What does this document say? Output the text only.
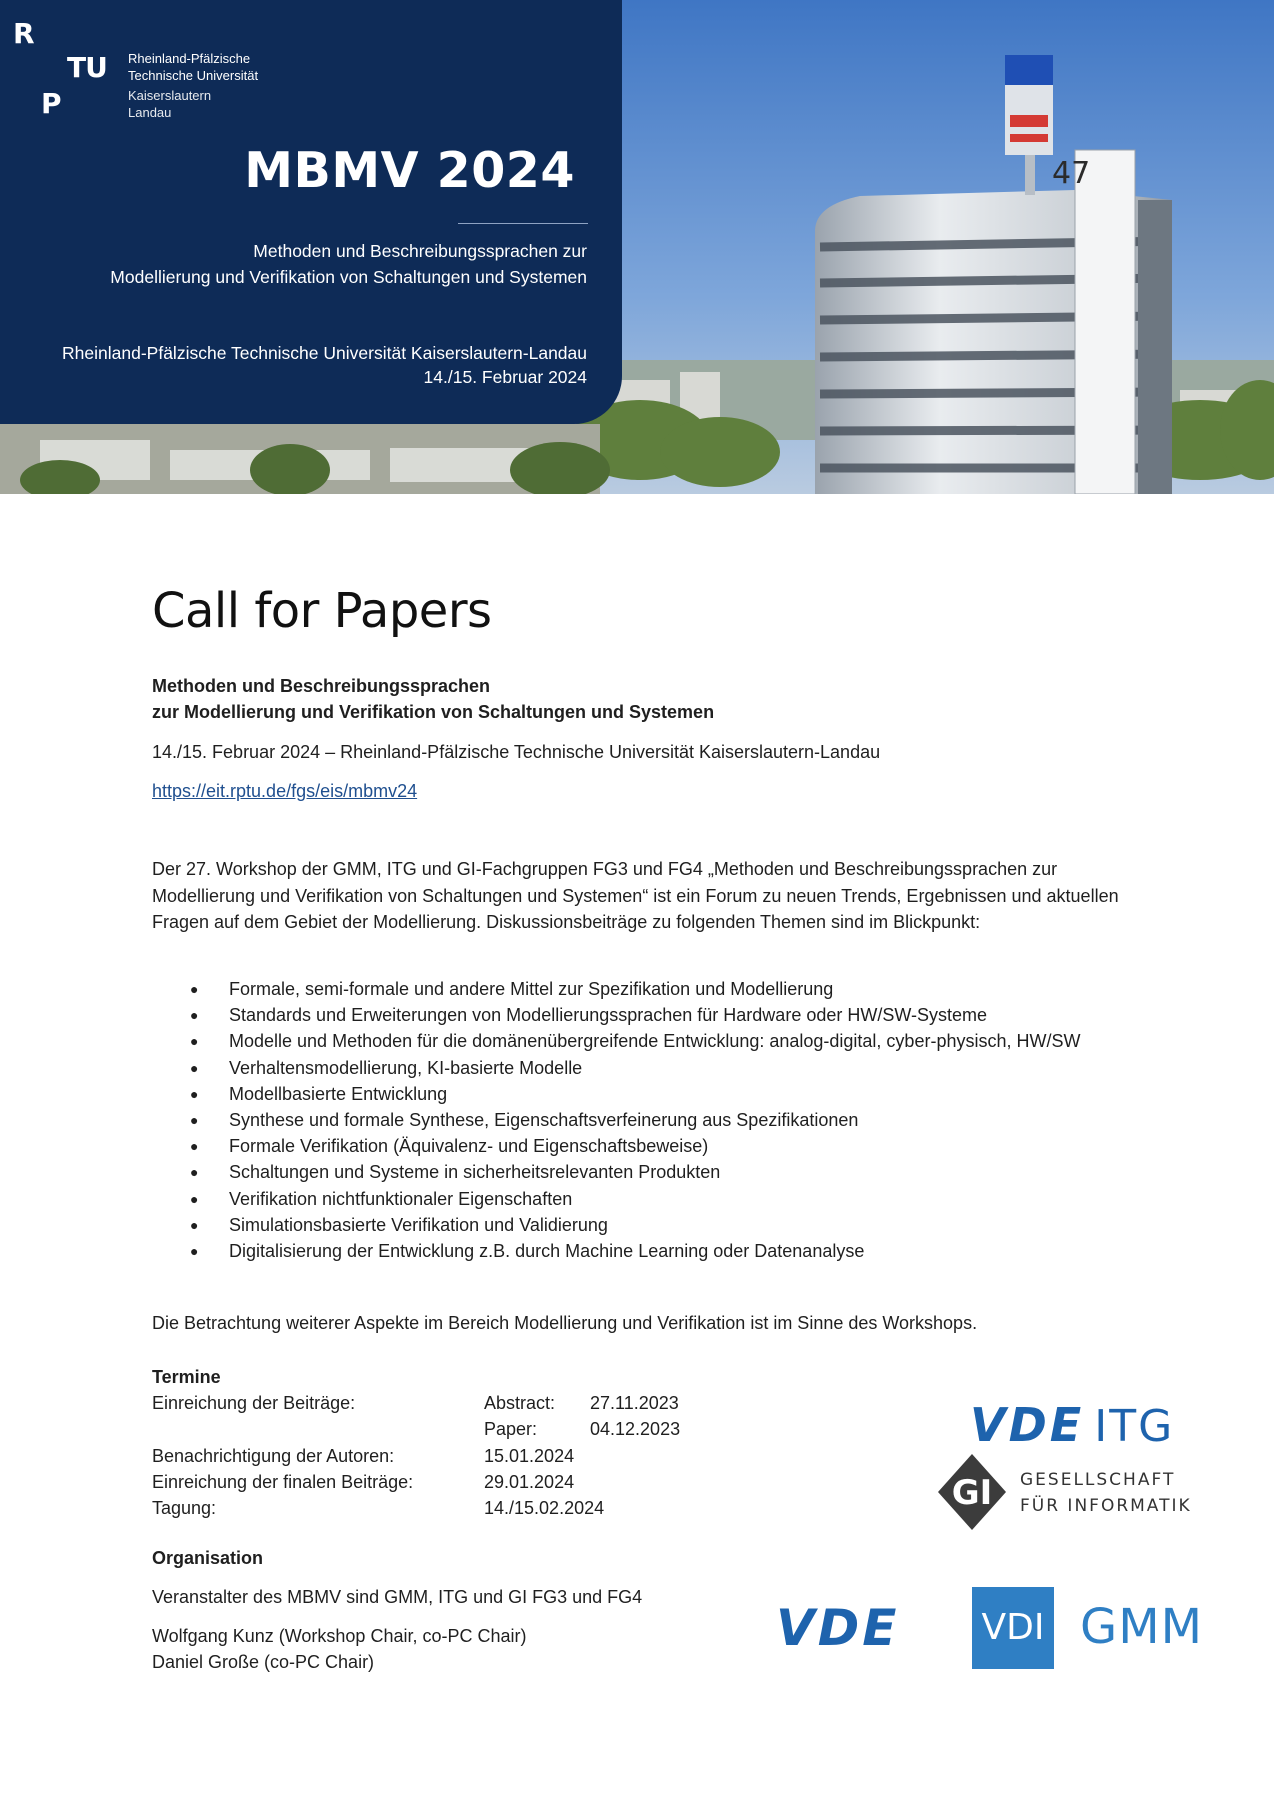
47
R
TU
P
Rheinland-Pfälzische
Technische Universität
Kaiserslautern
Landau
MBMV 2024
Methoden und Beschreibungssprachen zur
Modellierung und Verifikation von Schaltungen und Systemen
Rheinland-Pfälzische Technische Universität Kaiserslautern-Landau
14./15. Februar 2024
Call for Papers
Methoden und Beschreibungssprachen
zur Modellierung und Verifikation von Schaltungen und Systemen
14./15. Februar 2024 – Rheinland-Pfälzische Technische Universität Kaiserslautern-Landau
https://eit.rptu.de/fgs/eis/mbmv24

Der 27. Workshop der GMM, ITG und GI-Fachgruppen FG3 und FG4 „Methoden und Beschreibungssprachen zur Modellierung und Verifikation von Schaltungen und Systemen“ ist ein Forum zu neuen Trends, Ergebnissen und aktuellen Fragen auf dem Gebiet der Modellierung. Diskussionsbeiträge zu folgenden Themen sind im Blickpunkt:

● Formale, semi-formale und andere Mittel zur Spezifikation und Modellierung
● Standards und Erweiterungen von Modellierungssprachen für Hardware oder HW/SW-Systeme
● Modelle und Methoden für die domänenübergreifende Entwicklung: analog-digital, cyber-physisch, HW/SW
● Verhaltensmodellierung, KI-basierte Modelle
● Modellbasierte Entwicklung
● Synthese und formale Synthese, Eigenschaftsverfeinerung aus Spezifikationen
● Formale Verifikation (Äquivalenz- und Eigenschaftsbeweise)
● Schaltungen und Systeme in sicherheitsrelevanten Produkten
● Verifikation nichtfunktionaler Eigenschaften
● Simulationsbasierte Verifikation und Validierung
● Digitalisierung der Entwicklung z.B. durch Machine Learning oder Datenanalyse
Die Betrachtung weiterer Aspekte im Bereich Modellierung und Verifikation ist im Sinne des Workshops.
Termine
Einreichung der Beiträge:	Abstract: 27.11.2023
Paper:	04.12.2023
Benachrichtigung der Autoren:	15.01.2024
Einreichung der finalen Beiträge:	29.01.2024
Tagung:	14./15.02.2024
Organisation
Veranstalter des MBMV sind GMM, ITG und GI FG3 und FG4
Wolfgang Kunz (Workshop Chair, co-PC Chair)
Daniel Große (co-PC Chair)
VDE ITG
GI GESELLSCHAFT
FÜR INFORMATIK
VDE VDI GMM
